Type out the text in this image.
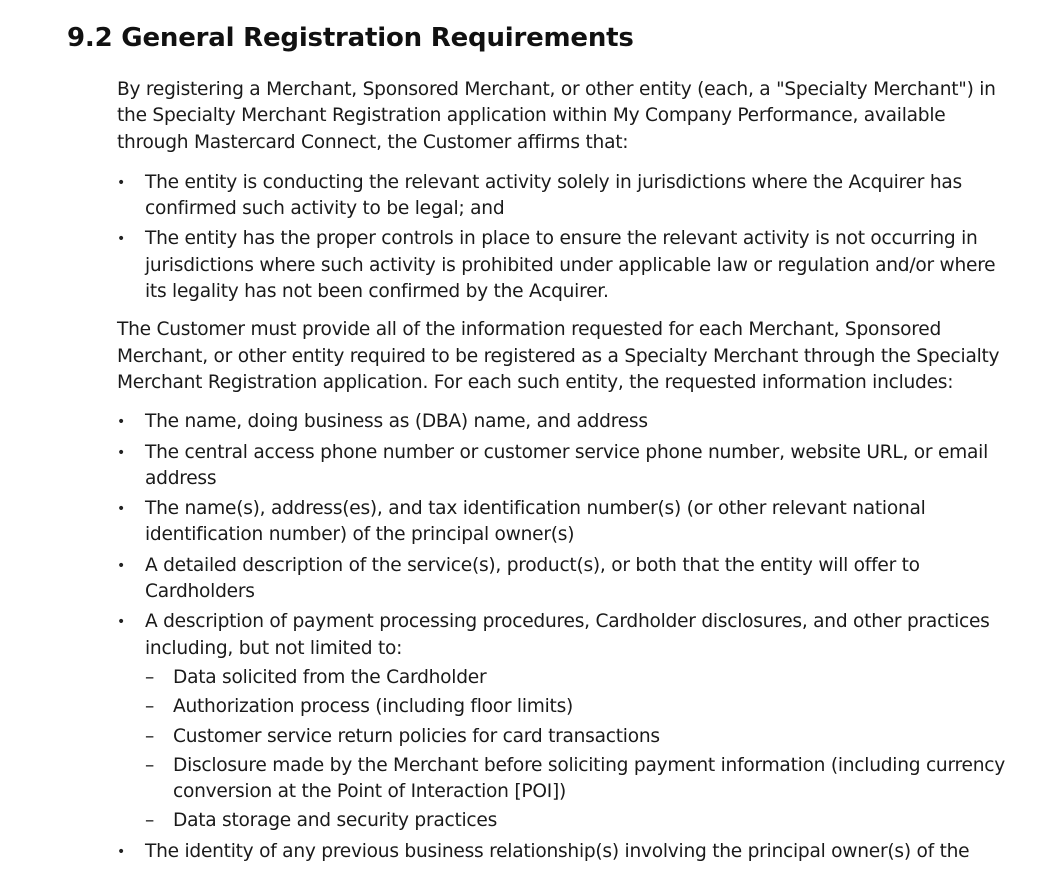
9.2 General Registration Requirements

By registering a Merchant, Sponsored Merchant, or other entity (each, a "Specialty Merchant") in the Specialty Merchant Registration application within My Company Performance, available through Mastercard Connect, the Customer affirms that:

• The entity is conducting the relevant activity solely in jurisdictions where the Acquirer has confirmed such activity to be legal; and
• The entity has the proper controls in place to ensure the relevant activity is not occurring in jurisdictions where such activity is prohibited under applicable law or regulation and/or where its legality has not been confirmed by the Acquirer.

The Customer must provide all of the information requested for each Merchant, Sponsored Merchant, or other entity required to be registered as a Specialty Merchant through the Specialty Merchant Registration application. For each such entity, the requested information includes:

• The name, doing business as (DBA) name, and address
• The central access phone number or customer service phone number, website URL, or email address
• The name(s), address(es), and tax identification number(s) (or other relevant national identification number) of the principal owner(s)
• A detailed description of the service(s), product(s), or both that the entity will offer to Cardholders
• A description of payment processing procedures, Cardholder disclosures, and other practices including, but not limited to:
– Data solicited from the Cardholder
– Authorization process (including floor limits)
– Customer service return policies for card transactions
– Disclosure made by the Merchant before soliciting payment information (including currency conversion at the Point of Interaction [POI])
– Data storage and security practices
• The identity of any previous business relationship(s) involving the principal owner(s) of the
